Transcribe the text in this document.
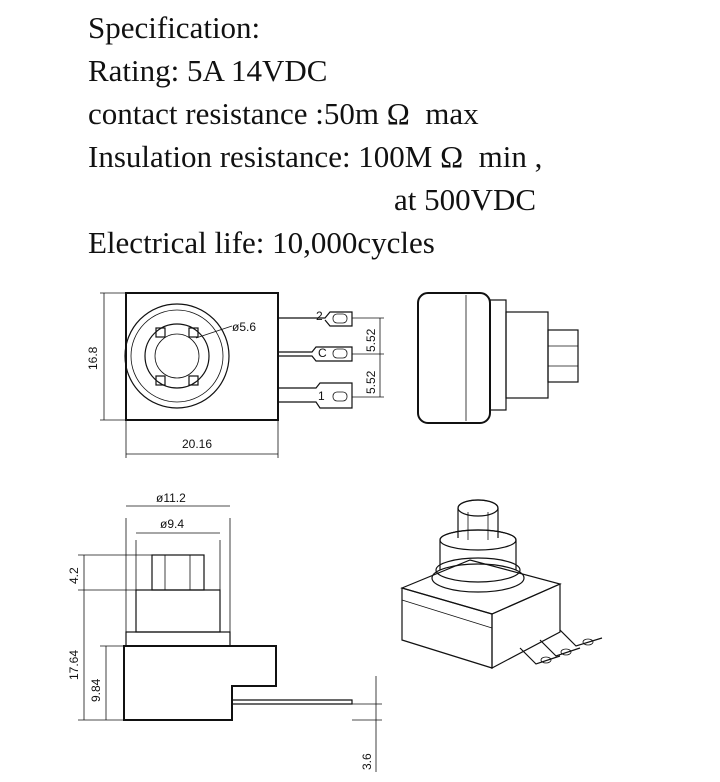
Specification:
Rating: 5A 14VDC
contact resistance :50m Ω  max
Insulation resistance: 100M Ω  min ,
at 500VDC
Electrical life: 10,000cycles
2
C
1
ø5.6
5.52
5.52
16.8
20.16
ø11.2
ø9.4
4.2
17.64
9.84
3.6
